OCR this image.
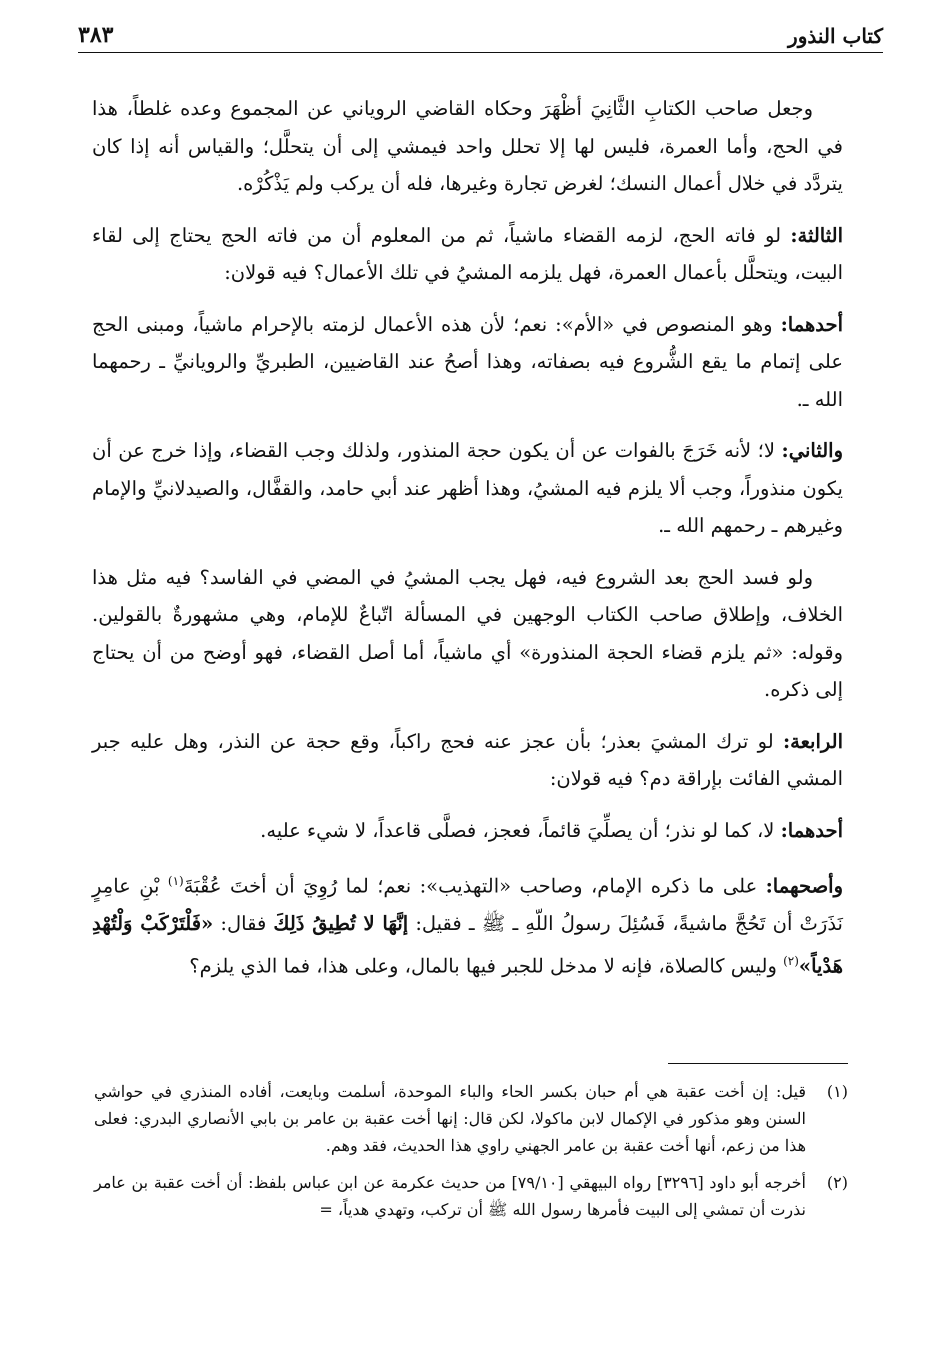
كتاب النذور
٣٨٣

وجعل صاحب الكتابِ الثَّانِيَ أظْهَرَ وحكاه القاضي الروياني عن المجموع وعده غلطاً، هذا في الحج، وأما العمرة، فليس لها إلا تحلل واحد فيمشي إلى أن يتحلَّل؛ والقياس أنه إذا كان يتردَّد في خلال أعمال النسك؛ لغرض تجارة وغيرها، فله أن يركب ولم يَذْكُرْه.

الثالثة: لو فاته الحج، لزمه القضاء ماشياً، ثم من المعلوم أن من فاته الحج يحتاج إلى لقاء البيت، ويتحلَّل بأعمال العمرة، فهل يلزمه المشيُ في تلك الأعمال؟ فيه قولان:

أحدهما: وهو المنصوص في «الأم»: نعم؛ لأن هذه الأعمال لزمته بالإحرام ماشياً، ومبنى الحج على إتمام ما يقع الشُّروع فيه بصفاته، وهذا أصحُ عند القاضيين، الطبريِّ والرويانيِّ ـ رحمهما الله ـ.

والثاني: لا؛ لأنه خَرَجَ بالفوات عن أن يكون حجة المنذور، ولذلك وجب القضاء، وإذا خرج عن أن يكون منذوراً، وجب ألا يلزم فيه المشيُ، وهذا أظهر عند أبي حامد، والقفَّال، والصيدلانيِّ والإمام وغيرهم ـ رحمهم الله ـ.

ولو فسد الحج بعد الشروع فيه، فهل يجب المشيُ في المضي في الفاسد؟ فيه مثل هذا الخلاف، وإطلاق صاحب الكتاب الوجهين في المسألة اتّباعٌ للإمام، وهي مشهورةٌ بالقولين. وقوله: «ثم يلزم قضاء الحجة المنذورة» أي ماشياً، أما أصل القضاء، فهو أوضح من أن يحتاج إلى ذكره.

الرابعة: لو ترك المشيَ بعذر؛ بأن عجز عنه فحج راكباً، وقع حجة عن النذر، وهل عليه جبر المشي الفائت بإراقة دم؟ فيه قولان:

أحدهما: لا، كما لو نذر؛ أن يصلِّيَ قائماً، فعجز، فصلَّى قاعداً، لا شيء عليه.

وأصحهما: على ما ذكره الإمام، وصاحب «التهذيب»: نعم؛ لما رُوِيَ أن أختَ عُقْبَةَ$^{(١)}$ بْنِ عامِرٍ نَذَرَتْ أن تَحُجَّ ماشيةً، فَسُئِلَ رسولُ اللّهِ ـ ﷺ ـ فقيل: إنَّهَا لا تُطِيقُ ذَلِكَ فقال: «فَلْتَرْكَبْ وَلْتُهْدِ هَدْياً»$^{(٢)}$ وليس كالصلاة، فإنه لا مدخل للجبر فيها بالمال، وعلى هذا، فما الذي يلزم؟

(١)
قيل: إن أخت عقبة هي أم حبان بكسر الحاء والباء الموحدة، أسلمت وبايعت، أفاده المنذري في حواشي السنن وهو مذكور في الإكمال لابن ماكولا، لكن قال: إنها أخت عقبة بن عامر بن بابي الأنصاري البدري: فعلى هذا من زعم، أنها أخت عقبة بن عامر الجهني راوي هذا الحديث، فقد وهم.
(٢)
أخرجه أبو داود [٣٢٩٦] رواه البيهقي [٧٩/١٠] من حديث عكرمة عن ابن عباس بلفظ: أن أخت عقبة بن عامر نذرت أن تمشي إلى البيت فأمرها رسول الله ﷺ أن تركب، وتهدي هدياً، =
